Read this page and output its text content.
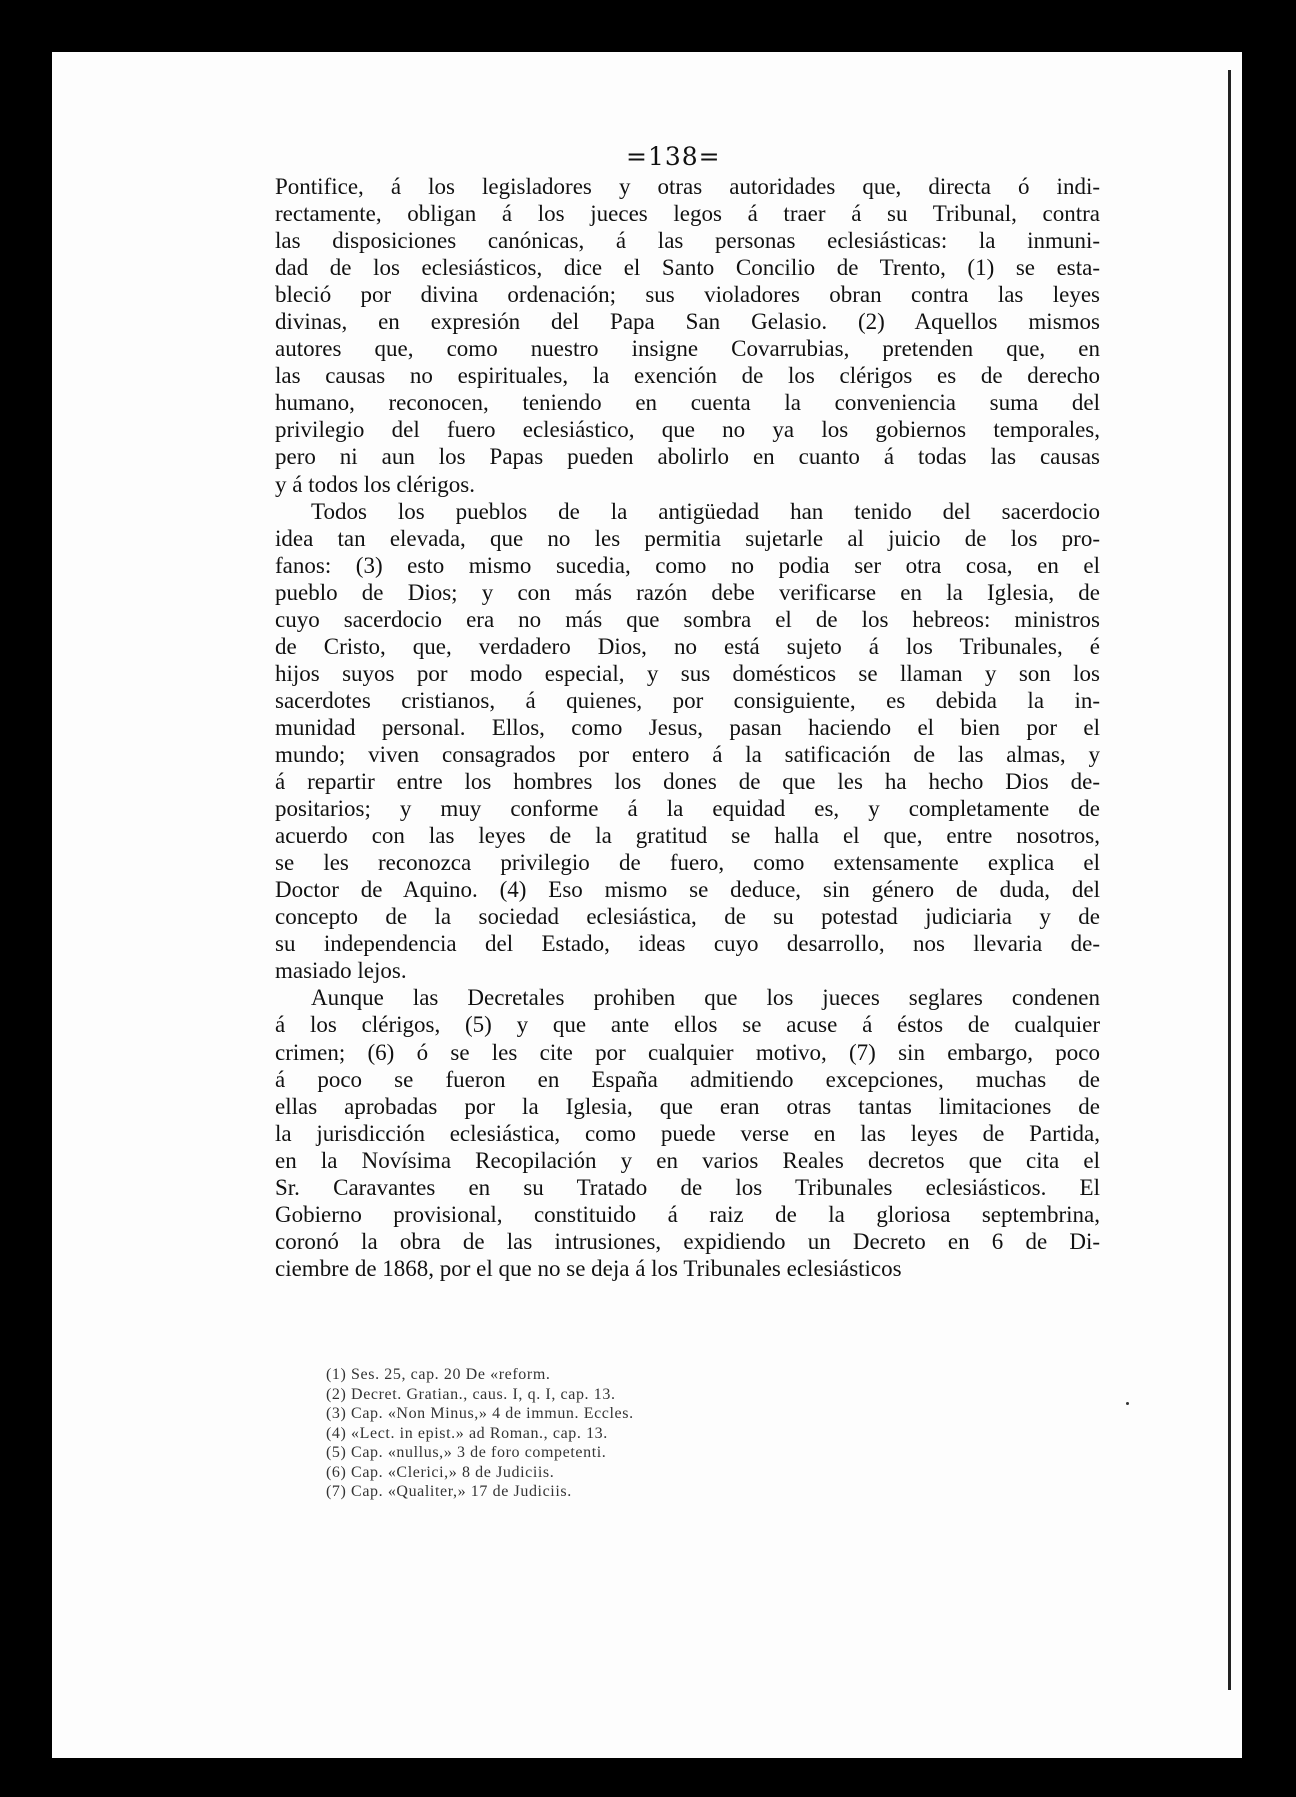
=138=
Pontifice, á los legisladores y otras autoridades que, directa ó indi-
rectamente, obligan á los jueces legos á traer á su Tribunal, contra
las disposiciones canónicas, á las personas eclesiásticas: la inmuni-
dad de los eclesiásticos, dice el Santo Concilio de Trento, (1) se esta-
bleció por divina ordenación; sus violadores obran contra las leyes
divinas, en expresión del Papa San Gelasio. (2) Aquellos mismos
autores que, como nuestro insigne Covarrubias, pretenden que, en
las causas no espirituales, la exención de los clérigos es de derecho
humano, reconocen, teniendo en cuenta la conveniencia suma del
privilegio del fuero eclesiástico, que no ya los gobiernos temporales,
pero ni aun los Papas pueden abolirlo en cuanto á todas las causas
y á todos los clérigos.
Todos los pueblos de la antigüedad han tenido del sacerdocio
idea tan elevada, que no les permitia sujetarle al juicio de los pro-
fanos: (3) esto mismo sucedia, como no podia ser otra cosa, en el
pueblo de Dios; y con más razón debe verificarse en la Iglesia, de
cuyo sacerdocio era no más que sombra el de los hebreos: ministros
de Cristo, que, verdadero Dios, no está sujeto á los Tribunales, é
hijos suyos por modo especial, y sus domésticos se llaman y son los
sacerdotes cristianos, á quienes, por consiguiente, es debida la in-
munidad personal. Ellos, como Jesus, pasan haciendo el bien por el
mundo; viven consagrados por entero á la satificación de las almas, y
á repartir entre los hombres los dones de que les ha hecho Dios de-
positarios; y muy conforme á la equidad es, y completamente de
acuerdo con las leyes de la gratitud se halla el que, entre nosotros,
se les reconozca privilegio de fuero, como extensamente explica el
Doctor de Aquino. (4) Eso mismo se deduce, sin género de duda, del
concepto de la sociedad eclesiástica, de su potestad judiciaria y de
su independencia del Estado, ideas cuyo desarrollo, nos llevaria de-
masiado lejos.
Aunque las Decretales prohiben que los jueces seglares condenen
á los clérigos, (5) y que ante ellos se acuse á éstos de cualquier
crimen; (6) ó se les cite por cualquier motivo, (7) sin embargo, poco
á poco se fueron en España admitiendo excepciones, muchas de
ellas aprobadas por la Iglesia, que eran otras tantas limitaciones de
la jurisdicción eclesiástica, como puede verse en las leyes de Partida,
en la Novísima Recopilación y en varios Reales decretos que cita el
Sr. Caravantes en su Tratado de los Tribunales eclesiásticos. El
Gobierno provisional, constituido á raiz de la gloriosa septembrina,
coronó la obra de las intrusiones, expidiendo un Decreto en 6 de Di-
ciembre de 1868, por el que no se deja á los Tribunales eclesiásticos
(1) Ses. 25, cap. 20 De «reform.
(2) Decret. Gratian., caus. I, q. I, cap. 13.
(3) Cap. «Non Minus,» 4 de immun. Eccles.
(4) «Lect. in epist.» ad Roman., cap. 13.
(5) Cap. «nullus,» 3 de foro competenti.
(6) Cap. «Clerici,» 8 de Judiciis.
(7) Cap. «Qualiter,» 17 de Judiciis.
